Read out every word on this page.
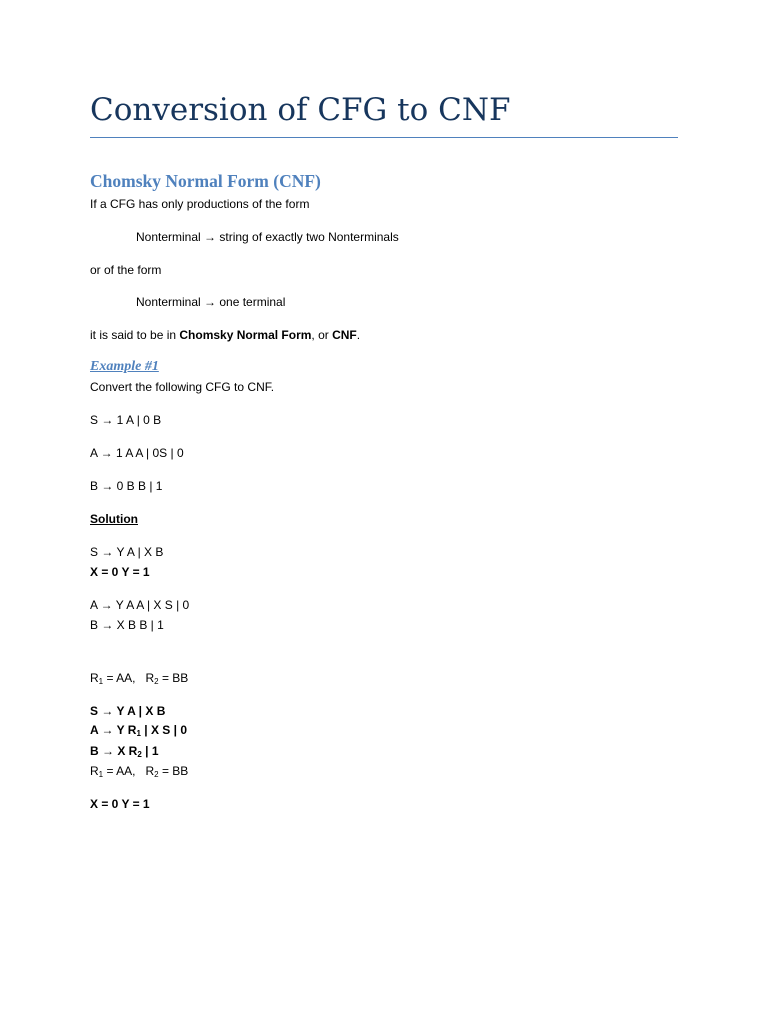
Conversion of CFG to CNF
Chomsky Normal Form (CNF)
If a CFG has only productions of the form
Nonterminal → string of exactly two Nonterminals
or of the form
Nonterminal → one terminal
it is said to be in Chomsky Normal Form, or CNF.
Example #1
Convert the following CFG to CNF.
S → 1 A | 0 B
A → 1 A A | 0S | 0
B → 0 B B | 1
Solution
S → Y A | X B
X = 0 Y = 1
A → Y A A | X S | 0
B → X B B | 1
$R_1$ = AA, $R_2$ = BB
S → Y A | X B
A → Y $R_1$ | X S | 0
B → X $R_2$ | 1
$R_1$ = AA, $R_2$ = BB
X = 0 Y = 1
